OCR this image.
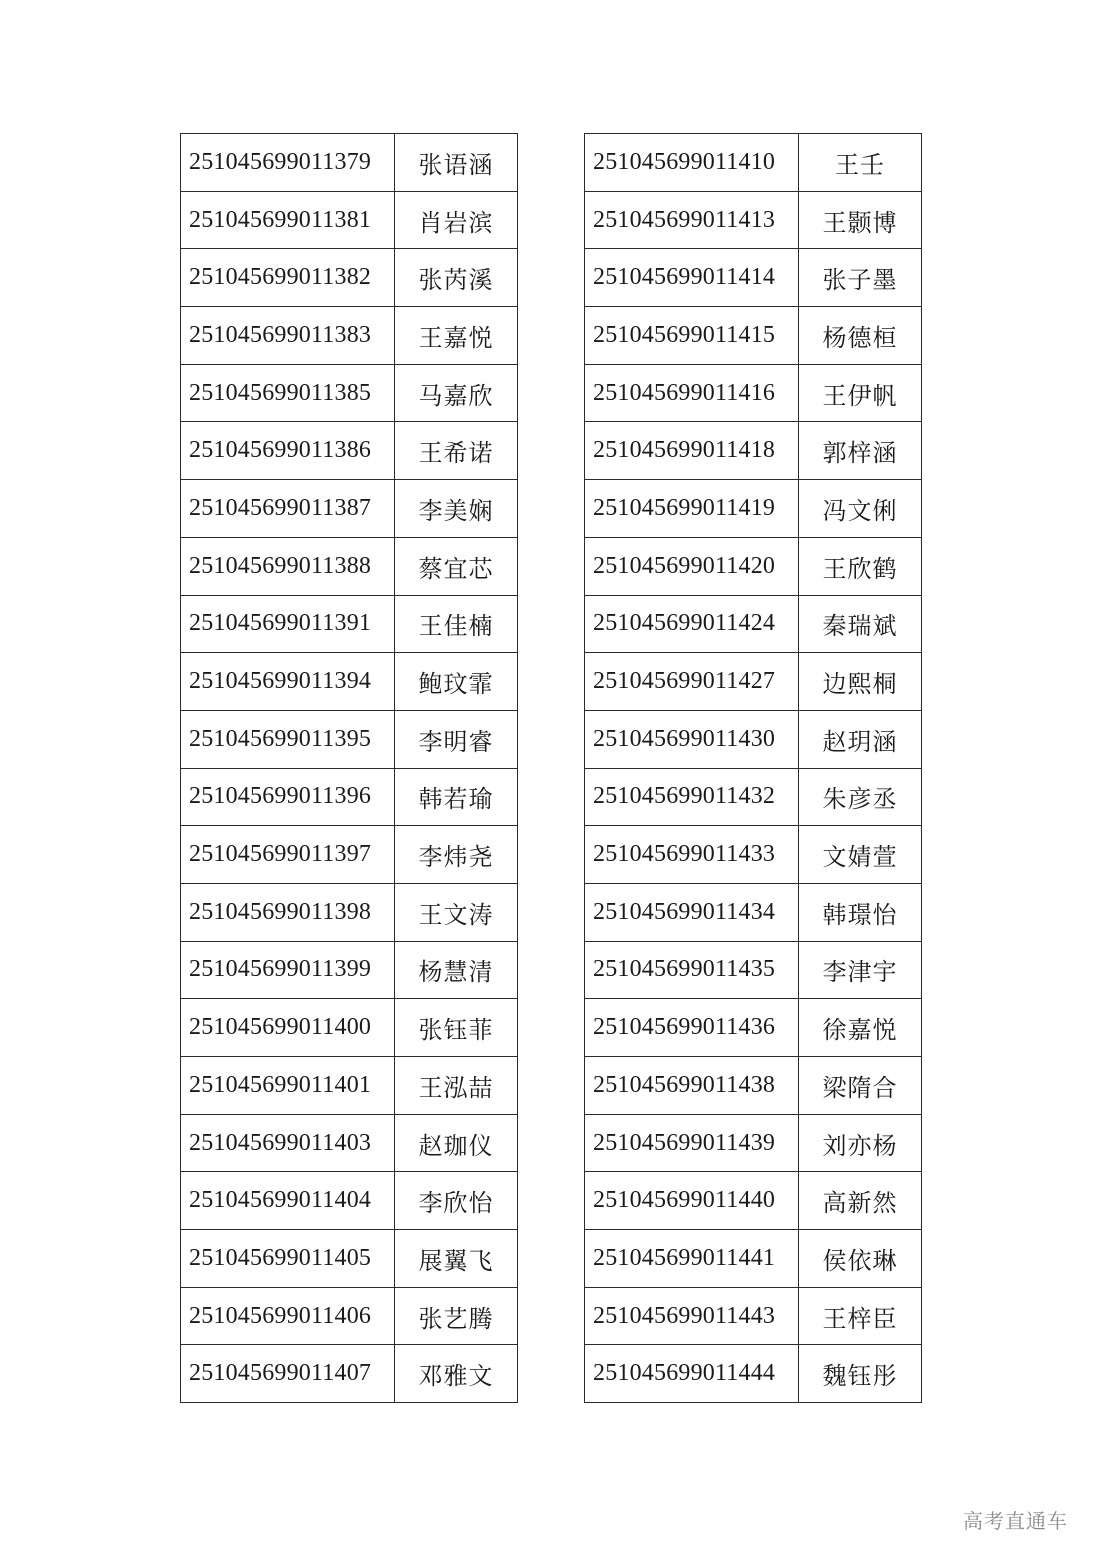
251045699011379	张语涵
251045699011381	肖岩滨
251045699011382	张芮溪
251045699011383	王嘉悦
251045699011385	马嘉欣
251045699011386	王希诺
251045699011387	李美娴
251045699011388	蔡宜芯
251045699011391	王佳楠
251045699011394	鲍玟霏
251045699011395	李明睿
251045699011396	韩若瑜
251045699011397	李炜尧
251045699011398	王文涛
251045699011399	杨慧清
251045699011400	张钰菲
251045699011401	王泓喆
251045699011403	赵珈仪
251045699011404	李欣怡
251045699011405	展翼飞
251045699011406	张艺腾
251045699011407	邓雅文
251045699011410	王壬
251045699011413	王颢博
251045699011414	张子墨
251045699011415	杨德桓
251045699011416	王伊帆
251045699011418	郭梓涵
251045699011419	冯文俐
251045699011420	王欣鹤
251045699011424	秦瑞斌
251045699011427	边熙桐
251045699011430	赵玥涵
251045699011432	朱彦丞
251045699011433	文婧萱
251045699011434	韩璟怡
251045699011435	李津宇
251045699011436	徐嘉悦
251045699011438	梁隋合
251045699011439	刘亦杨
251045699011440	高新然
251045699011441	侯依琳
251045699011443	王梓臣
251045699011444	魏钰彤
高考直通车
